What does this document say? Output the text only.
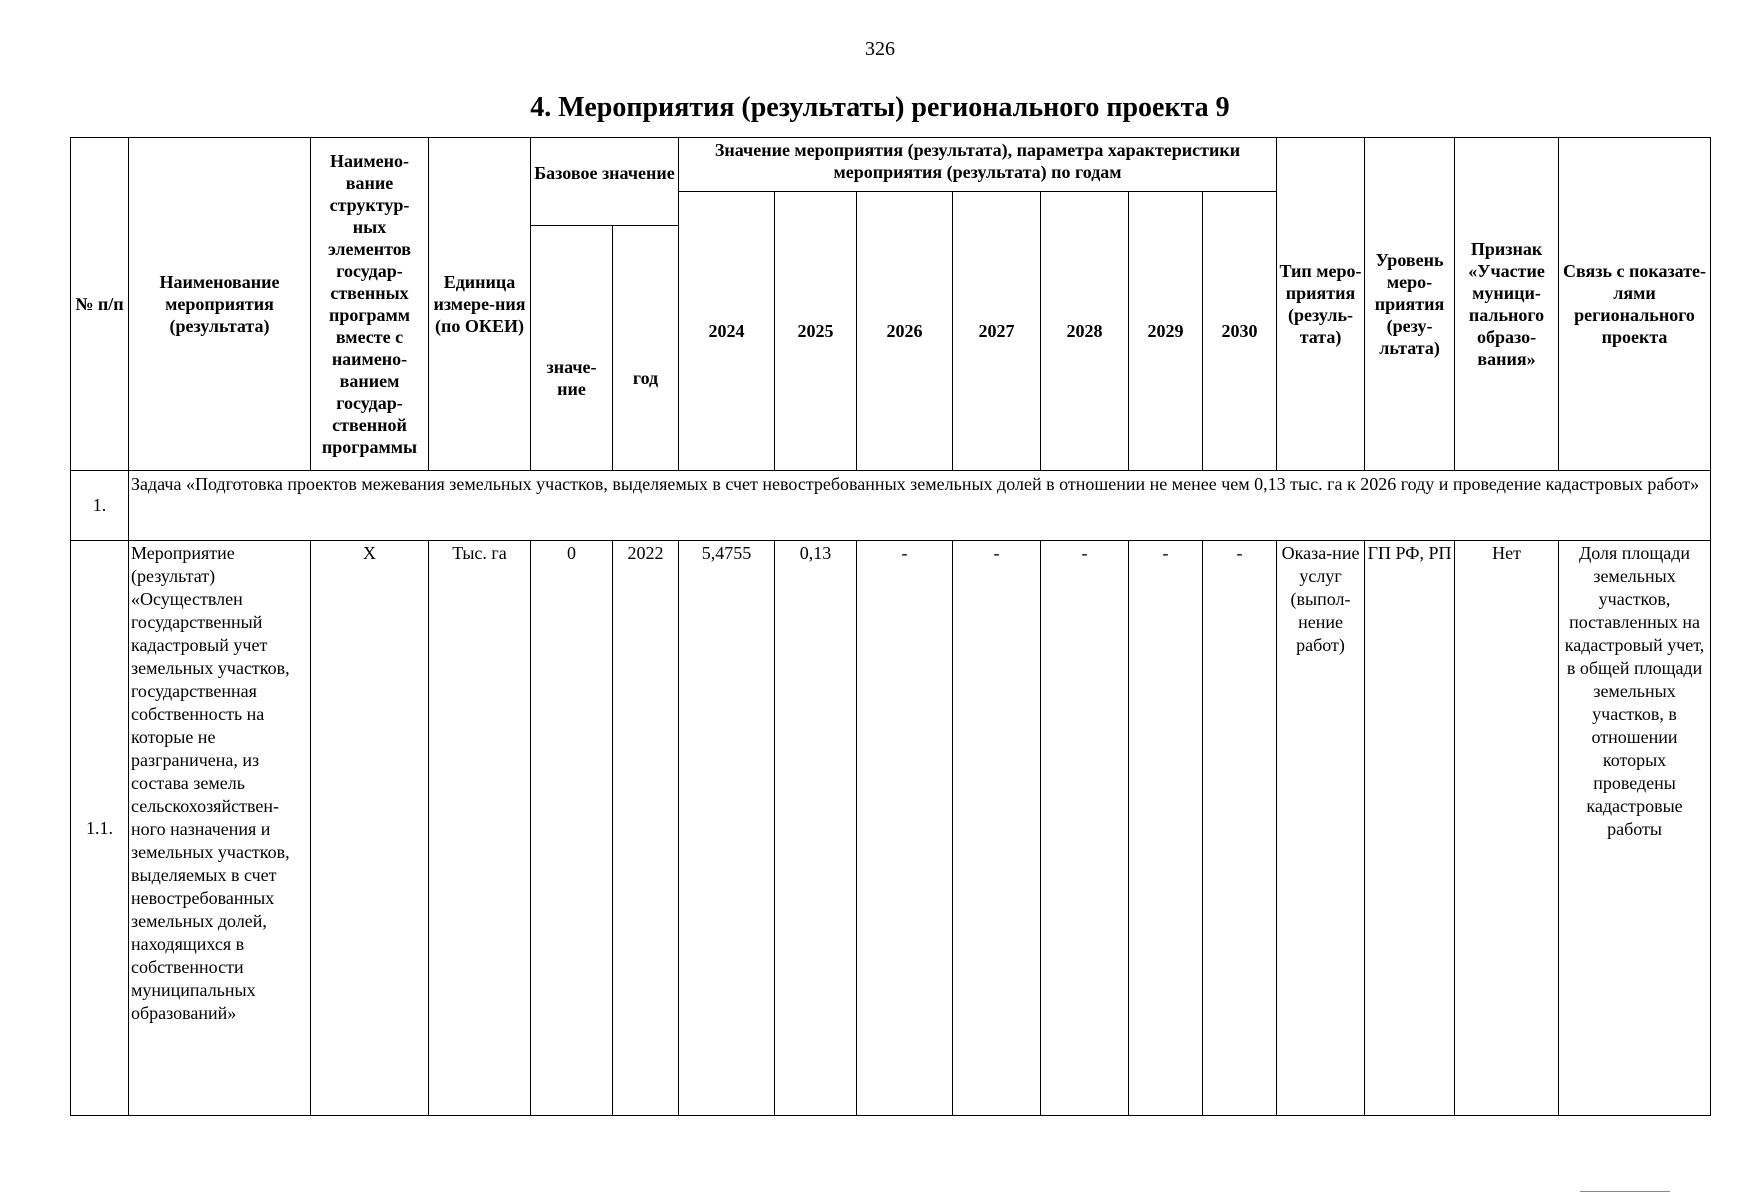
326
4. Мероприятия (результаты) регионального проекта 9
№ п/п	Наименование мероприятия (результата)	Наимено-вание структур-ных элементов государ-ственных программ вместе с наимено-ванием государ-ственной программы	Единица измере-ния (по ОКЕИ)	Базовое значение		Значение мероприятия (результата), параметра характеристики мероприятия (результата) по годам							Тип меро-приятия (резуль-тата)	Уровень меро-приятия (резу-льтата)	Признак «Участие муници-пального образо-вания»	Связь с показате-лями регионального проекта
						2024	2025	2026	2027	2028	2029	2030				
				значе-ние	год											
1.	Задача «Подготовка проектов межевания земельных участков, выделяемых в счет невостребованных земельных долей в отношении не менее чем 0,13 тыс. га к 2026 году и проведение кадастровых работ»															
1.1.	Мероприятие (результат) «Осуществлен государственный кадастровый учет земельных участков, государственная собственность на которые не разграничена, из состава земель сельскохозяйствен-ного назначения и земельных участков, выделяемых в счет невостребованных земельных долей, находящихся в собственности муниципальных образований»	Х	Тыс. га	0	2022	5,4755	0,13	-	-	-	-	-	Оказа-ние услуг (выпол-нение работ)	ГП РФ, РП	Нет	Доля площади земельных участков, поставленных на кадастровый учет, в общей площади земельных участков, в отношении которых проведены кадастровые работы
